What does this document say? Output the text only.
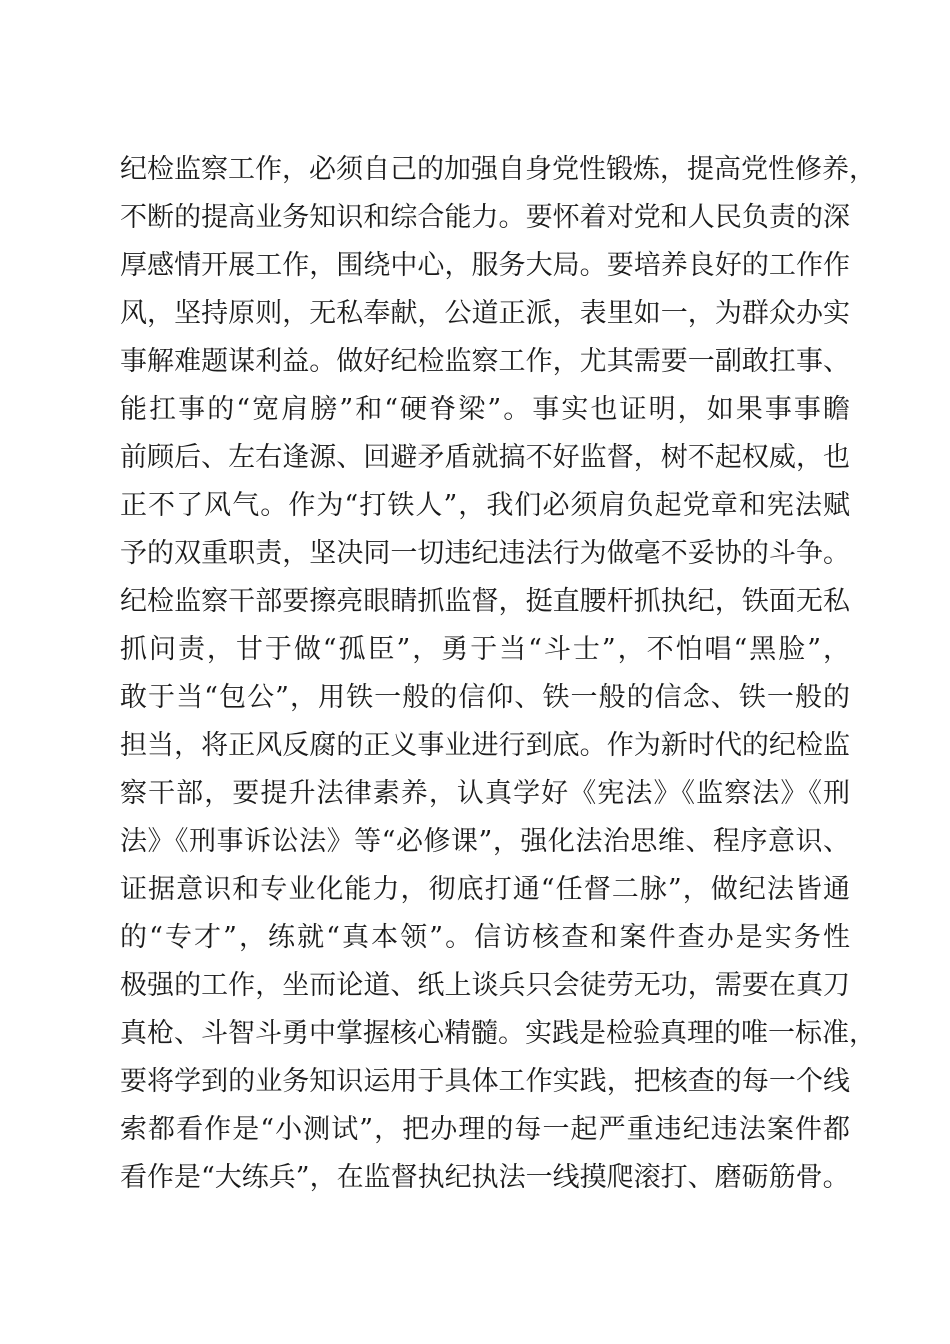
纪检监察工作，必须自己的加强自身党性锻炼，提高党性修养，
不断的提高业务知识和综合能力。要怀着对党和人民负责的深
厚感情开展工作，围绕中心，服务大局。要培养良好的工作作
风，坚持原则，无私奉献，公道正派，表里如一，为群众办实
事解难题谋利益。做好纪检监察工作，尤其需要一副敢扛事、
能扛事的“宽肩膀”和“硬脊梁”。事实也证明，如果事事瞻
前顾后、左右逢源、回避矛盾就搞不好监督，树不起权威，也
正不了风气。作为“打铁人”，我们必须肩负起党章和宪法赋
予的双重职责，坚决同一切违纪违法行为做毫不妥协的斗争。
纪检监察干部要擦亮眼睛抓监督，挺直腰杆抓执纪，铁面无私
抓问责，甘于做“孤臣”，勇于当“斗士”，不怕唱“黑脸”，
敢于当“包公”，用铁一般的信仰、铁一般的信念、铁一般的
担当，将正风反腐的正义事业进行到底。作为新时代的纪检监
察干部，要提升法律素养，认真学好《宪法》《监察法》《刑
法》《刑事诉讼法》等“必修课”，强化法治思维、程序意识、
证据意识和专业化能力，彻底打通“任督二脉”，做纪法皆通
的“专才”，练就“真本领”。信访核查和案件查办是实务性
极强的工作，坐而论道、纸上谈兵只会徒劳无功，需要在真刀
真枪、斗智斗勇中掌握核心精髓。实践是检验真理的唯一标准，
要将学到的业务知识运用于具体工作实践，把核查的每一个线
索都看作是“小测试”，把办理的每一起严重违纪违法案件都
看作是“大练兵”，在监督执纪执法一线摸爬滚打、磨砺筋骨。
